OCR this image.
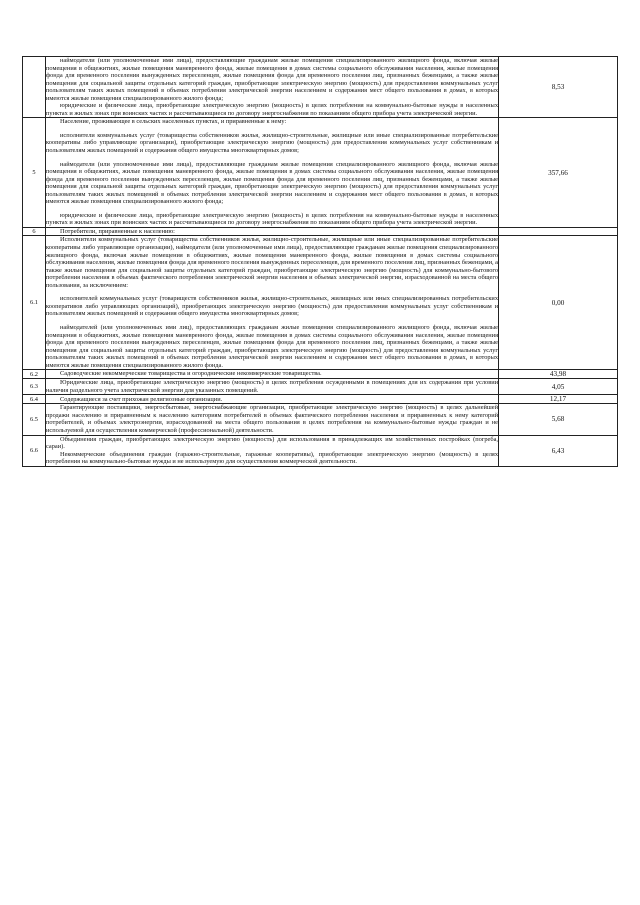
	наймодатели (или уполномоченные ими лица), предоставляющие гражданам жилые помещения специализированного жилищного фонда, включая жилые помещения в общежитиях, жилые помещения маневренного фонда, жилые помещения в домах системы социального обслуживания населения, жилые помещения фонда для временного поселения вынужденных переселенцев, жилые помещения фонда для временного поселения лиц, признанных беженцами, а также жилые помещения для социальной защиты отдельных категорий граждан, приобретающие электрическую энергию (мощность) для предоставления коммунальных услуг пользователям таких жилых помещений в объемах потребления электрической энергии населением и содержания мест общего пользования в домах, в которых имеются жилые помещения специализированного жилого фонда;

юридические и физические лица, приобретающие электрическую энергию (мощность) в целях потребления на коммунально-бытовые нужды в населенных пунктах и жилых зонах при воинских частях и рассчитывающиеся по договору энергоснабжения по показаниям общего прибора учета электрической энергии.	8,53
5	Население, проживающее в сельских населенных пунктах, и приравненные к нему:

исполнители коммунальных услуг (товарищества собственников жилья, жилищно-строительные, жилищные или иные специализированные потребительские кооперативы либо управляющие организации), приобретающие электрическую энергию (мощность) для предоставления коммунальных услуг собственникам и пользователям жилых помещений и содержания общего имущества многоквартирных домов;

наймодатели (или уполномоченные ими лица), предоставляющие гражданам жилые помещения специализированного жилищного фонда, включая жилые помещения в общежитиях, жилые помещения маневренного фонда, жилые помещения в домах системы социального обслуживания населения, жилые помещения фонда для временного поселения вынужденных переселенцев, жилые помещения фонда для временного поселения лиц, признанных беженцами, а также жилые помещения для социальной защиты отдельных категорий граждан, приобретающие электрическую энергию (мощность) для предоставления коммунальных услуг пользователям таких жилых помещений в объемах потребления электрической энергии населением и содержания мест общего пользования в домах, в которых имеются жилые помещения специализированного жилого фонда;

юридические и физические лица, приобретающие электрическую энергию (мощность) в целях потребления на коммунально-бытовые нужды в населенных пунктах и жилых зонах при воинских частях и рассчитывающиеся по договору энергоснабжения по показаниям общего прибора учета электрической энергии.	357,66
6	Потребители, приравненные к населению:	

6.1	Исполнители коммунальных услуг (товарищества собственников жилья, жилищно-строительные, жилищные или иные специализированные потребительские кооперативы либо управляющие организации), наймодатели (или уполномоченные ими лица), предоставляющие гражданам жилые помещения специализированного жилищного фонда, включая жилые помещения в общежитиях, жилые помещения маневренного фонда, жилые помещения в домах системы социального обслуживания населения, жилые помещения фонда для временного поселения вынужденных переселенцев, для временного поселения лиц, признанных беженцами, а также жилые помещения для социальной защиты отдельных категорий граждан, приобретающие электрическую энергию (мощность) для коммунально-бытового потребления населения в объемах фактического потребления электрической энергии населения и объемах электрической энергии, израсходованной на места общего пользования, за исключением:

исполнителей коммунальных услуг (товариществ собственников жилья, жилищно-строительных, жилищных или иных специализированных потребительских кооперативов либо управляющих организаций), приобретающих электрическую энергию (мощность) для предоставления коммунальных услуг собственникам и пользователям жилых помещений и содержания общего имущества многоквартирных домов;

наймодателей (или уполномоченных ими лиц), предоставляющих гражданам жилые помещения специализированного жилищного фонда, включая жилые помещения в общежитиях, жилые помещения маневренного фонда, жилые помещения в домах системы социального обслуживания населения, жилые помещения фонда для временного поселения вынужденных переселенцев, жилые помещения фонда для временного поселения лиц, признанных беженцами, а также жилые помещения для социальной защиты отдельных категорий граждан, приобретающих электрическую энергию (мощность) для предоставления коммунальных услуг пользователям таких жилых помещений в объемах потребления электрической энергии населением и содержания мест общего пользования в домах, в которых имеются жилые помещения специализированного жилого фонда.	0,00
6.2	Садоводческие некоммерческие товарищества и огороднические некоммерческие товарищества.	43,98
6.3	Юридические лица, приобретающие электрическую энергию (мощность) в целях потребления осужденными в помещениях для их содержания при условии наличия раздельного учета электрической энергии для указанных помещений.	4,05
6.4	Содержащиеся за счет прихожан религиозные организации.	12,17
6.5	Гарантирующие поставщики, энергосбытовые, энергоснабжающие организации, приобретающие электрическую энергию (мощность) в целях дальнейшей продажи населению и приравненным к населению категориям потребителей в объемах фактического потребления населения и приравненных к нему категорий потребителей, и объемах электроэнергии, израсходованной на места общего пользования в целях потребления на коммунально-бытовые нужды граждан и не используемой для осуществления коммерческой (профессиональной) деятельности.	5,68
6.6	Объединения граждан, приобретающих электрическую энергию (мощность) для использования в принадлежащих им хозяйственных постройках (погреба, сараи).

Некоммерческие объединения граждан (гаражно-строительные, гаражные кооперативы), приобретающие электрическую энергию (мощность) в целях потребления на коммунально-бытовые нужды и не используемую для осуществления коммерческой деятельности.	6,43
